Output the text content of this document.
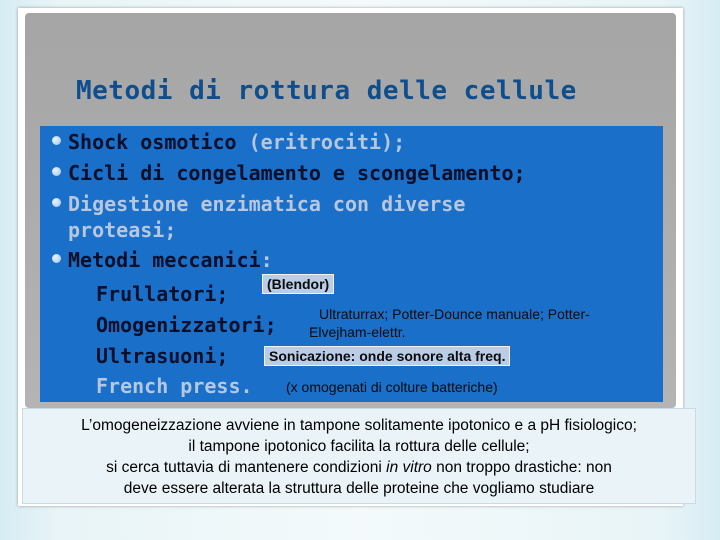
Metodi di rottura delle cellule
Shock osmotico (eritrociti);
Cicli di congelamento e scongelamento;
Digestione enzimatica con diverse
proteasi;
Metodi meccanici:
Frullatori;
Omogenizzatori;
Ultrasuoni;
French press.
(Blendor)
Ultraturrax; Potter-Dounce manuale; Potter-
Elvejham-elettr.
Sonicazione: onde sonore alta freq.
(x omogenati di colture batteriche)
L’omogeneizzazione avviene in tampone solitamente ipotonico e a pH fisiologico;
il tampone ipotonico facilita la rottura delle cellule;
si cerca tuttavia di mantenere condizioni in vitro non troppo drastiche: non
deve essere alterata la struttura delle proteine che vogliamo studiare
